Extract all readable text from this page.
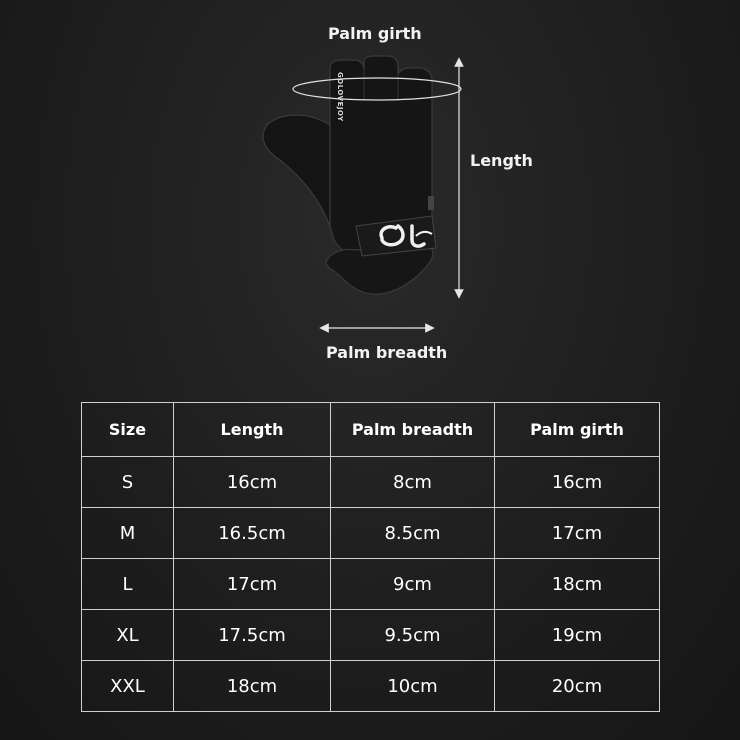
Palm girth
Length
Palm breadth
GOLOVEJOY
Size	Length	Palm breadth	Palm girth
S	16cm	8cm	16cm
M	16.5cm	8.5cm	17cm
L	17cm	9cm	18cm
XL	17.5cm	9.5cm	19cm
XXL	18cm	10cm	20cm
